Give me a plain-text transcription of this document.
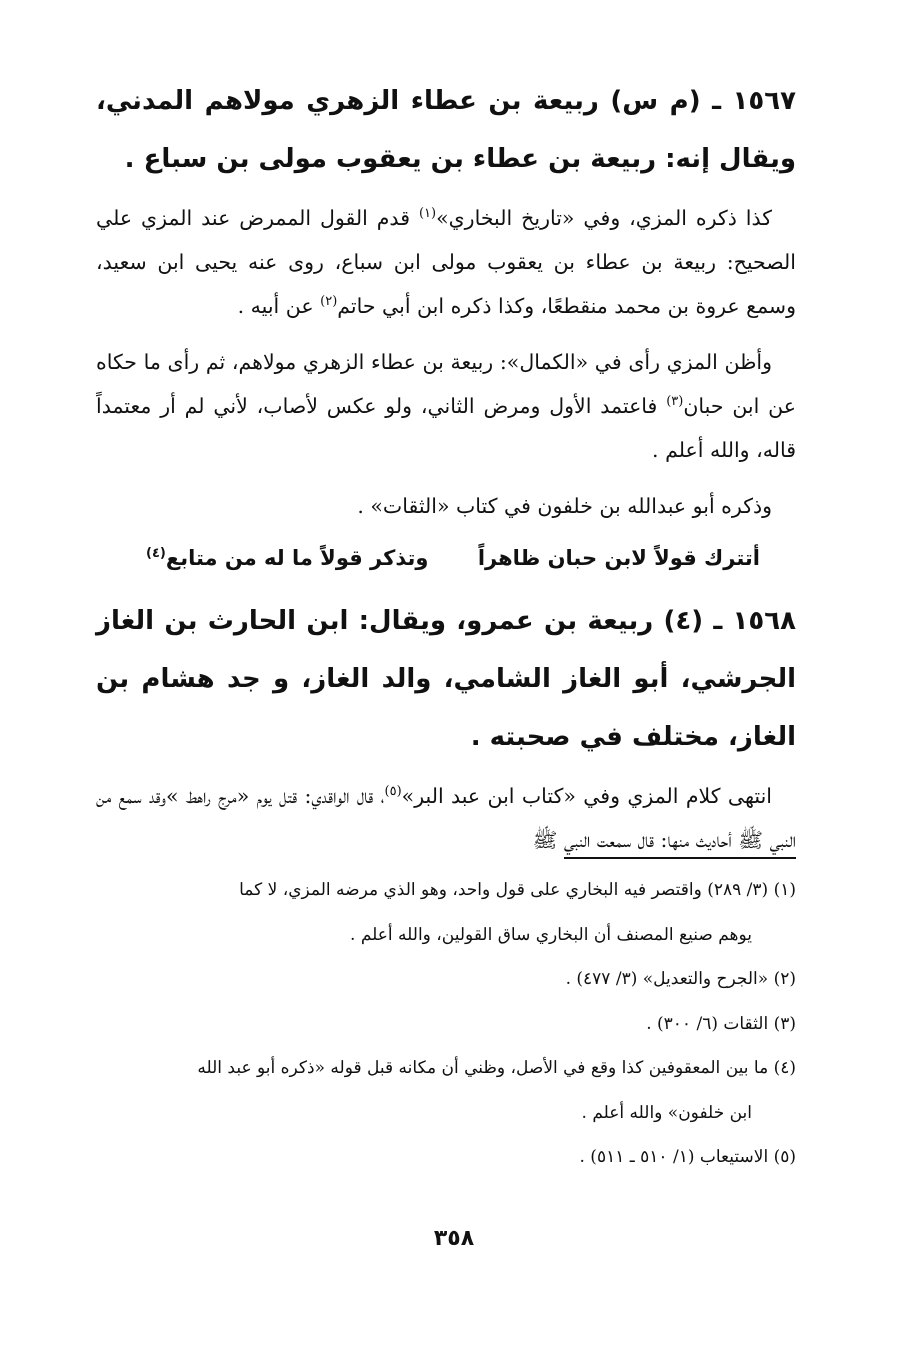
١٥٦٧ ـ (م س) ربيعة بن عطاء الزهري مولاهم المدني، ويقال إنه: ربيعة بن عطاء بن يعقوب مولى بن سباع .

كذا ذكره المزي، وفي «تاريخ البخاري»$^{(١)}$ قدم القول الممرض عند المزي علي الصحيح: ربيعة بن عطاء بن يعقوب مولى ابن سباع، روى عنه يحيى ابن سعيد، وسمع عروة بن محمد منقطعًا، وكذا ذكره ابن أبي حاتم$^{(٢)}$ عن أبيه .

وأظن المزي رأى في «الكمال»: ربيعة بن عطاء الزهري مولاهم، ثم رأى ما حكاه عن ابن حبان$^{(٣)}$ فاعتمد الأول ومرض الثاني، ولو عكس لأصاب، لأني لم أر معتمداً قاله، والله أعلم .

وذكره أبو عبدالله بن خلفون في كتاب «الثقات» .

أتترك قولاً لابن حبان ظاهراً
وتذكر قولاً ما له من متابع$^{(٤)}$

١٥٦٨ ـ (٤) ربيعة بن عمرو، ويقال: ابن الحارث بن الغاز الجرشي، أبو الغاز الشامي، والد الغاز، و جد هشام بن الغاز، مختلف في صحبته .

انتهى كلام المزي وفي «كتاب ابن عبد البر»$^{(٥)}$، قال الواقدي: قتل يوم «مرج راهط »وقد سمع من النبي ﷺ أحاديث منها: قال سمعت النبي ﷺ

(١) (٣/ ٢٨٩) واقتصر فيه البخاري على قول واحد، وهو الذي مرضه المزي، لا كما

يوهم صنيع المصنف أن البخاري ساق القولين، والله أعلم .

(٢) «الجرح والتعديل» (٣/ ٤٧٧) .

(٣) الثقات (٦/ ٣٠٠) .

(٤) ما بين المعقوفين كذا وقع في الأصل، وظني أن مكانه قبل قوله «ذكره أبو عبد الله

ابن خلفون» والله أعلم .

(٥) الاستيعاب (١/ ٥١٠ ـ ٥١١) .

٣٥٨
